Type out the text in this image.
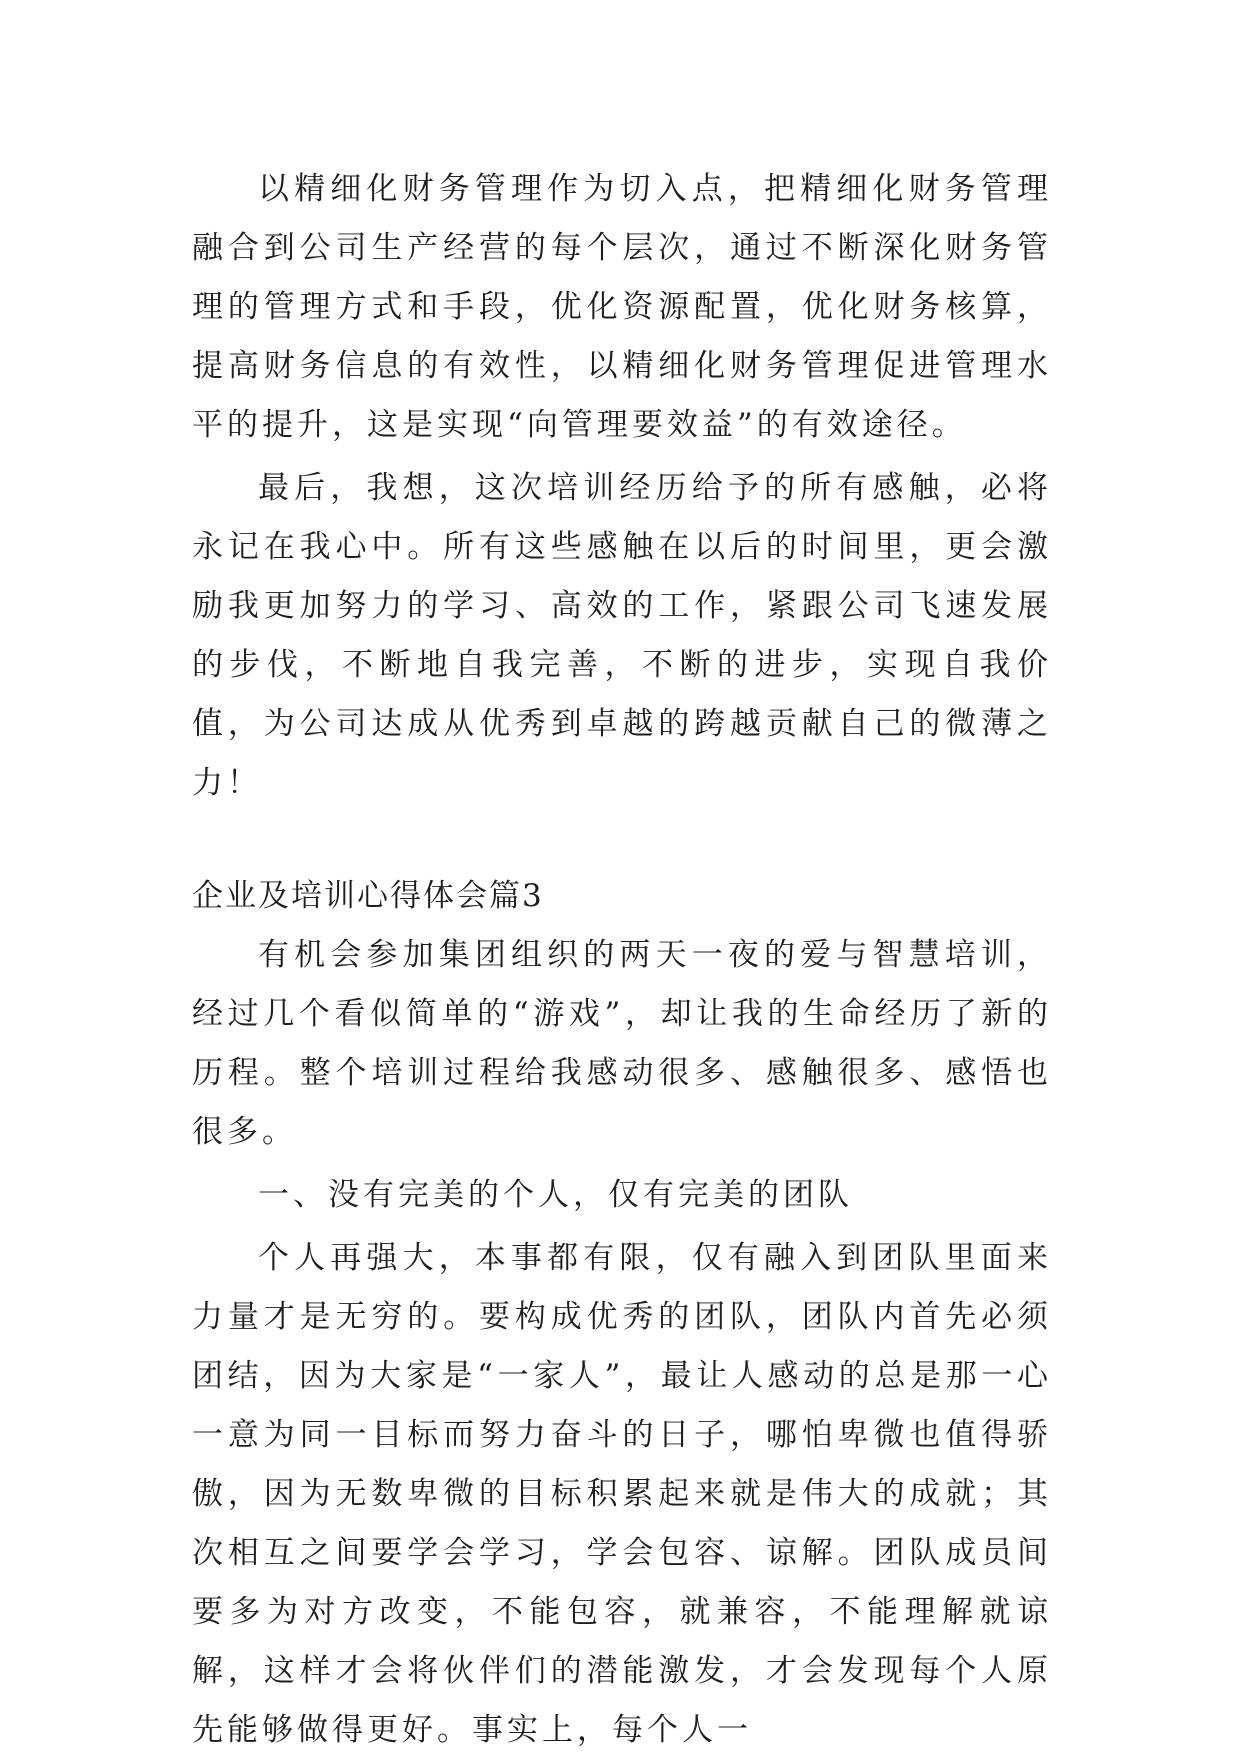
以精细化财务管理作为切入点，把精细化财务管理融合到公司生产经营的每个层次，通过不断深化财务管理的管理方式和手段，优化资源配置，优化财务核算，提高财务信息的有效性，以精细化财务管理促进管理水平的提升，这是实现“向管理要效益”的有效途径。

最后，我想，这次培训经历给予的所有感触，必将永记在我心中。所有这些感触在以后的时间里，更会激励我更加努力的学习、高效的工作，紧跟公司飞速发展的步伐，不断地自我完善，不断的进步，实现自我价值，为公司达成从优秀到卓越的跨越贡献自己的微薄之力！

企业及培训心得体会篇3

有机会参加集团组织的两天一夜的爱与智慧培训，经过几个看似简单的“游戏”，却让我的生命经历了新的历程。整个培训过程给我感动很多、感触很多、感悟也很多。

一、没有完美的个人，仅有完美的团队

个人再强大，本事都有限，仅有融入到团队里面来力量才是无穷的。要构成优秀的团队，团队内首先必须团结，因为大家是“一家人”，最让人感动的总是那一心一意为同一目标而努力奋斗的日子，哪怕卑微也值得骄傲，因为无数卑微的目标积累起来就是伟大的成就；其次相互之间要学会学习，学会包容、谅解。团队成员间要多为对方改变，不能包容，就兼容，不能理解就谅解，这样才会将伙伴们的潜能激发，才会发现每个人原先能够做得更好。事实上，每个人一
